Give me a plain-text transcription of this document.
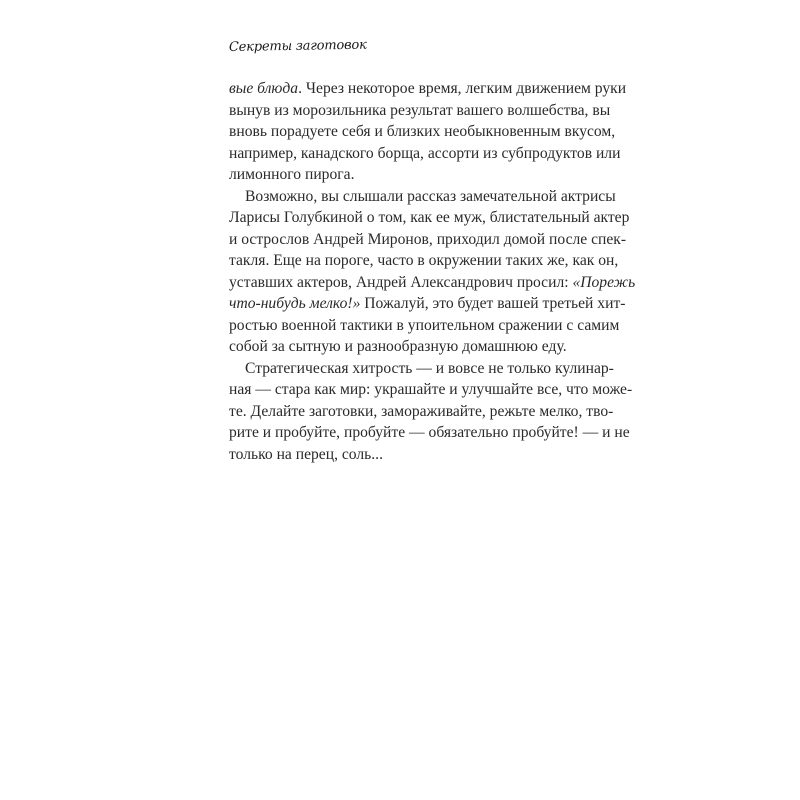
Секреты заготовок
вые блюда. Через некоторое время, легким движением руки
вынув из морозильника результат вашего волшебства, вы
вновь порадуете себя и близких необыкновенным вкусом,
например, канадского борща, ассорти из субпродуктов или
лимонного пирога.
Возможно, вы слышали рассказ замечательной актрисы
Ларисы Голубкиной о том, как ее муж, блистательный актер
и острослов Андрей Миронов, приходил домой после спек-
такля. Еще на пороге, часто в окружении таких же, как он,
уставших актеров, Андрей Александрович просил: «Порежь
что-нибудь мелко!» Пожалуй, это будет вашей третьей хит-
ростью военной тактики в упоительном сражении с самим
собой за сытную и разнообразную домашнюю еду.
Стратегическая хитрость — и вовсе не только кулинар-
ная — стара как мир: украшайте и улучшайте все, что може-
те. Делайте заготовки, замораживайте, режьте мелко, тво-
рите и пробуйте, пробуйте — обязательно пробуйте! — и не
только на перец, соль...
